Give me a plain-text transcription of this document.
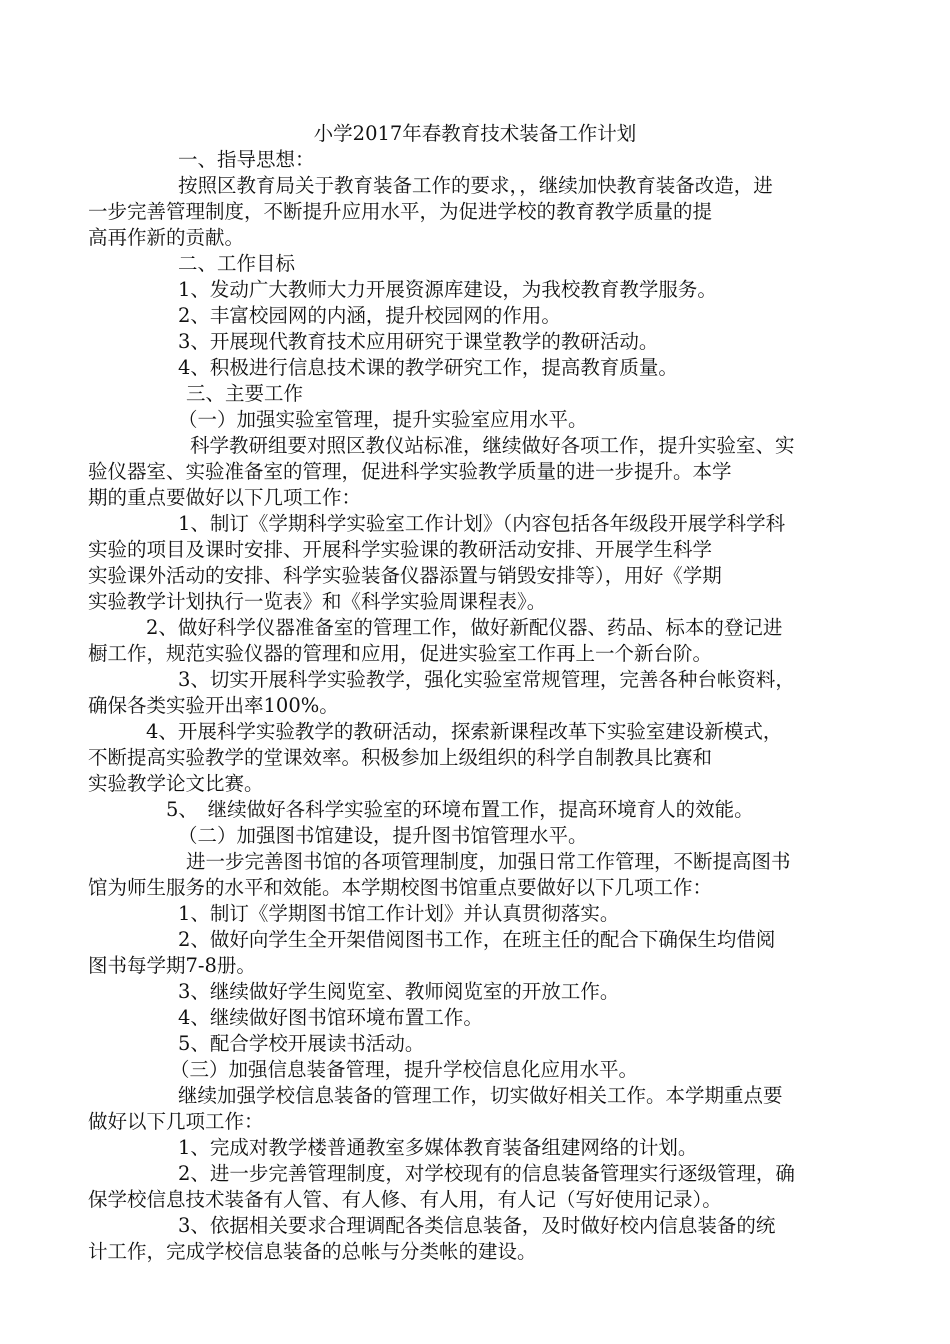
小学2017年春教育技术装备工作计划
一、指导思想：
按照区教育局关于教育装备工作的要求，，继续加快教育装备改造，进
一步完善管理制度，不断提升应用水平，为促进学校的教育教学质量的提
高再作新的贡献。
二、工作目标
1、发动广大教师大力开展资源库建设，为我校教育教学服务。
2、丰富校园网的内涵，提升校园网的作用。
3、开展现代教育技术应用研究于课堂教学的教研活动。
4、积极进行信息技术课的教学研究工作，提高教育质量。
三、主要工作
（一）加强实验室管理，提升实验室应用水平。
科学教研组要对照区教仪站标准，继续做好各项工作，提升实验室、实
验仪器室、实验准备室的管理，促进科学实验教学质量的进一步提升。本学
期的重点要做好以下几项工作：
1、制订《学期科学实验室工作计划》（内容包括各年级段开展学科学科
实验的项目及课时安排、开展科学实验课的教研活动安排、开展学生科学
实验课外活动的安排、科学实验装备仪器添置与销毁安排等），用好《学期
实验教学计划执行一览表》和《科学实验周课程表》。
2、做好科学仪器准备室的管理工作，做好新配仪器、药品、标本的登记进
橱工作，规范实验仪器的管理和应用，促进实验室工作再上一个新台阶。
3、切实开展科学实验教学，强化实验室常规管理，完善各种台帐资料，
确保各类实验开出率100%。
4、开展科学实验教学的教研活动，探索新课程改革下实验室建设新模式，
不断提高实验教学的堂课效率。积极参加上级组织的科学自制教具比赛和
实验教学论文比赛。
5、　继续做好各科学实验室的环境布置工作，提高环境育人的效能。
（二）加强图书馆建设，提升图书馆管理水平。
进一步完善图书馆的各项管理制度，加强日常工作管理，不断提高图书
馆为师生服务的水平和效能。本学期校图书馆重点要做好以下几项工作：
1、制订《学期图书馆工作计划》并认真贯彻落实。
2、做好向学生全开架借阅图书工作，在班主任的配合下确保生均借阅
图书每学期7-8册。
3、继续做好学生阅览室、教师阅览室的开放工作。
4、继续做好图书馆环境布置工作。
5、配合学校开展读书活动。
（三）加强信息装备管理，提升学校信息化应用水平。
继续加强学校信息装备的管理工作，切实做好相关工作。本学期重点要
做好以下几项工作：
1、完成对教学楼普通教室多媒体教育装备组建网络的计划。
2、进一步完善管理制度，对学校现有的信息装备管理实行逐级管理，确
保学校信息技术装备有人管、有人修、有人用，有人记（写好使用记录）。
3、依据相关要求合理调配各类信息装备，及时做好校内信息装备的统
计工作，完成学校信息装备的总帐与分类帐的建设。
